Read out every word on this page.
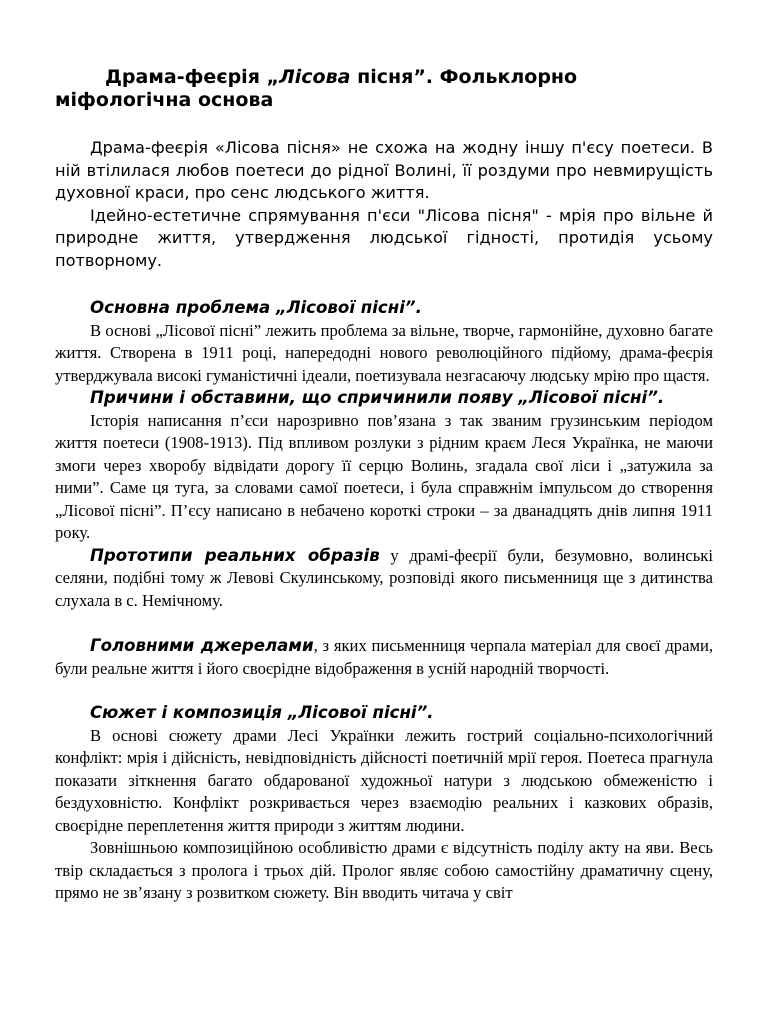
Драма-феєрія „Лісова пісня”. Фольклорно міфологічна основа

Драма-феєрія «Лісова пісня» не схожа на жодну іншу п'єсу поетеси. В ній втілилася любов поетеси до рідної Волині, її роздуми про невмирущість духовної краси, про сенс людського життя.

Ідейно-естетичне спрямування п'єси "Лісова пісня" - мрія про вільне й природне життя, утвердження людської гідності, протидія усьому потворному.

Основна проблема „Лісової пісні”.

В основі „Лісової пісні” лежить проблема за вільне, творче, гармонійне, духовно багате життя. Створена в 1911 році, напередодні нового революційного підйому, драма-феєрія утверджувала високі гуманістичні ідеали, поетизувала незгасаючу людську мрію про щастя.

Причини і обставини, що спричинили появу „Лісової пісні”.

Історія написання п’єси нарозривно пов’язана з так званим грузинським періодом життя поетеси (1908-1913). Під впливом розлуки з рідним краєм Леся Українка, не маючи змоги через хворобу відвідати дорогу її серцю Волинь, згадала свої ліси і „затужила за ними”. Саме ця туга, за словами самої поетеси, і була справжнім імпульсом до створення „Лісової пісні”. П’єсу написано в небачено короткі строки – за дванадцять днів липня 1911 року.

Прототипи реальних образів у драмі-феєрії були, безумовно, волинські селяни, подібні тому ж Левові Скулинському, розповіді якого письменниця ще з дитинства слухала в с. Немічному.

Головними джерелами, з яких письменниця черпала матеріал для своєї драми, були реальне життя і його своєрідне відображення в усній народній творчості.

Сюжет і композиція „Лісової пісні”.

В основі сюжету драми Лесі Українки лежить гострий соціально-психологічний конфлікт: мрія і дійсність, невідповідність дійсності поетичній мрії героя. Поетеса прагнула показати зіткнення багато обдарованої художньої натури з людською обмеженістю і бездуховністю. Конфлікт розкривається через взаємодію реальних і казкових образів, своєрідне переплетення життя природи з життям людини.

Зовнішньою композиційною особливістю драми є відсутність поділу акту на яви. Весь твір складається з пролога і трьох дій. Пролог являє собою самостійну драматичну сцену, прямо не зв’язану з розвитком сюжету. Він вводить читача у світ
